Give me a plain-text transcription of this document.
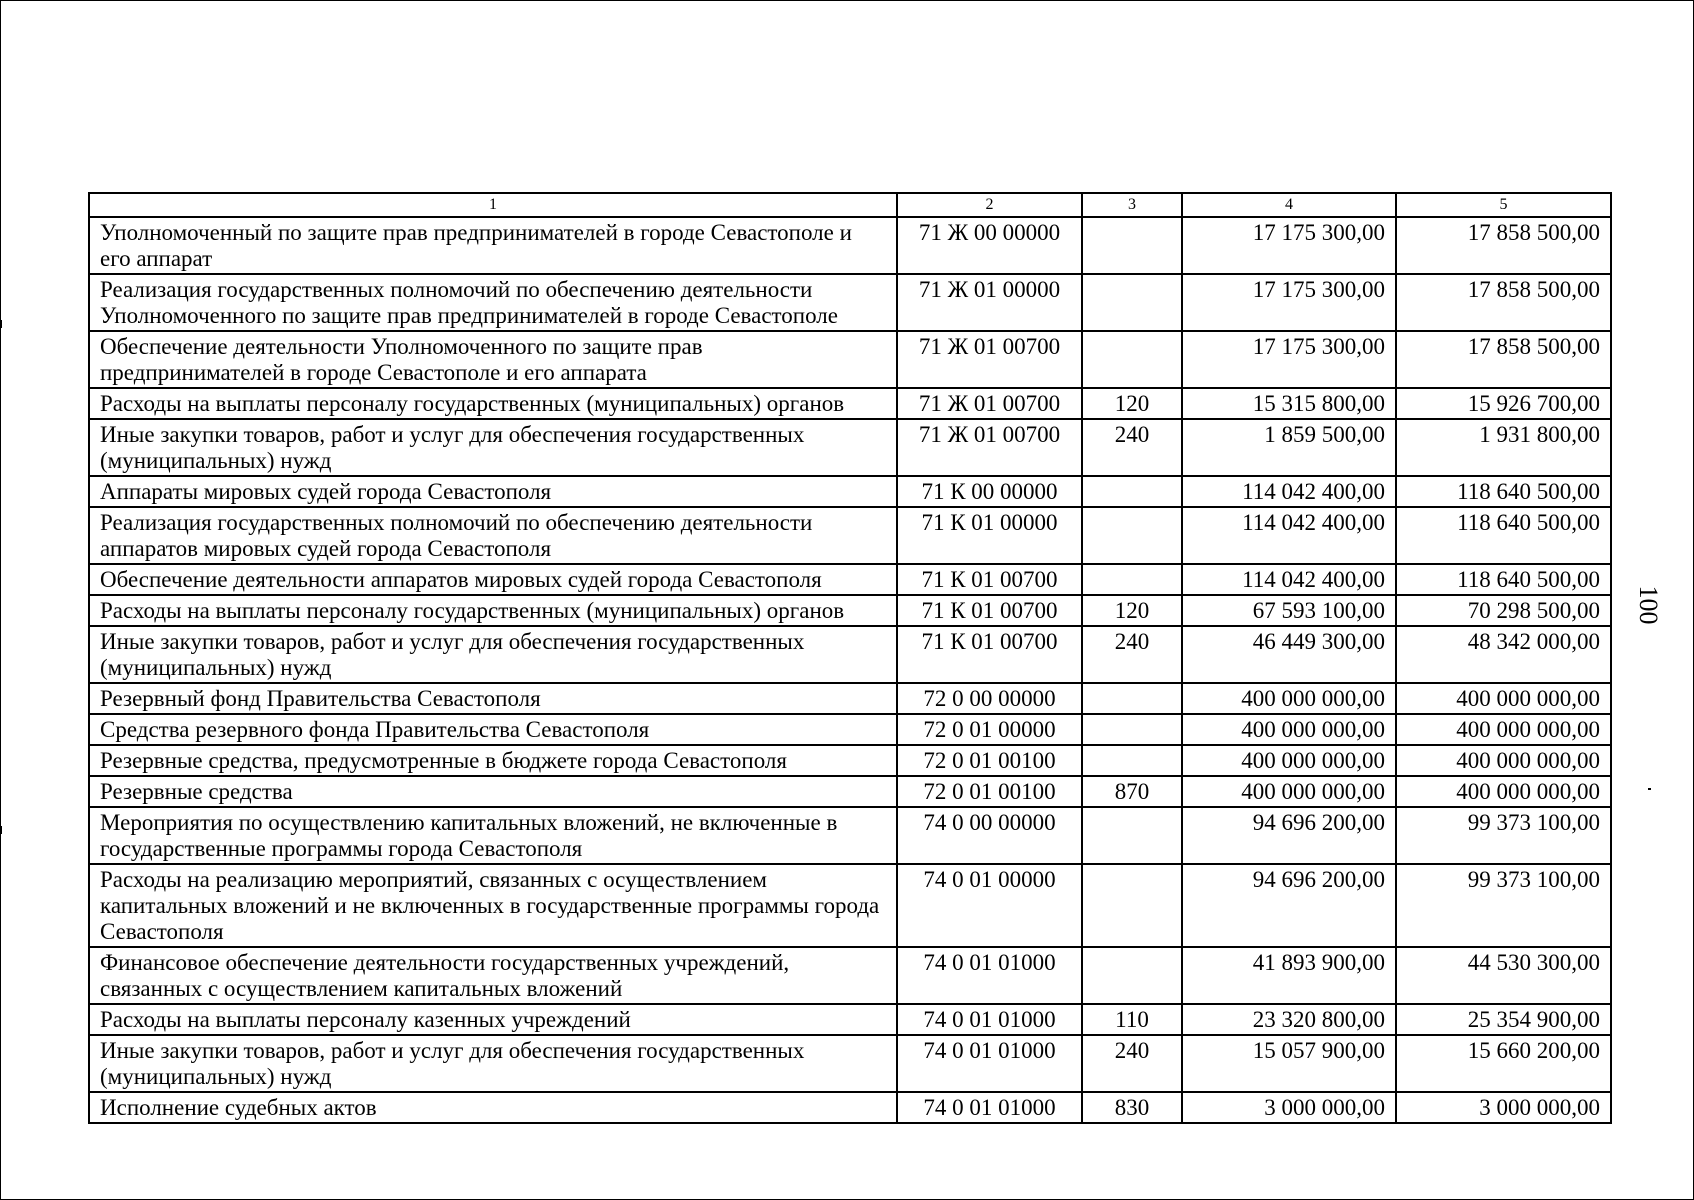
1	2	3	4	5
Уполномоченный по защите прав предпринимателей в городе Севастополе и его аппарат	71 Ж 00 00000		17 175 300,00	17 858 500,00
Реализация государственных полномочий по обеспечению деятельности Уполномоченного по защите прав предпринимателей в городе Севастополе	71 Ж 01 00000		17 175 300,00	17 858 500,00
Обеспечение деятельности Уполномоченного по защите прав предпринимателей в городе Севастополе и его аппарата	71 Ж 01 00700		17 175 300,00	17 858 500,00
Расходы на выплаты персоналу государственных (муниципальных) органов	71 Ж 01 00700	120	15 315 800,00	15 926 700,00
Иные закупки товаров, работ и услуг для обеспечения государственных (муниципальных) нужд	71 Ж 01 00700	240	1 859 500,00	1 931 800,00
Аппараты мировых судей города Севастополя	71 К 00 00000		114 042 400,00	118 640 500,00
Реализация государственных полномочий по обеспечению деятельности аппаратов мировых судей города Севастополя	71 К 01 00000		114 042 400,00	118 640 500,00
Обеспечение деятельности аппаратов мировых судей города Севастополя	71 К 01 00700		114 042 400,00	118 640 500,00
Расходы на выплаты персоналу государственных (муниципальных) органов	71 К 01 00700	120	67 593 100,00	70 298 500,00
Иные закупки товаров, работ и услуг для обеспечения государственных (муниципальных) нужд	71 К 01 00700	240	46 449 300,00	48 342 000,00
Резервный фонд Правительства Севастополя	72 0 00 00000		400 000 000,00	400 000 000,00
Средства резервного фонда Правительства Севастополя	72 0 01 00000		400 000 000,00	400 000 000,00
Резервные средства, предусмотренные в бюджете города Севастополя	72 0 01 00100		400 000 000,00	400 000 000,00
Резервные средства	72 0 01 00100	870	400 000 000,00	400 000 000,00
Мероприятия по осуществлению капитальных вложений, не включенные в государственные программы города Севастополя	74 0 00 00000		94 696 200,00	99 373 100,00
Расходы на реализацию мероприятий, связанных с осуществлением капитальных вложений и не включенных в государственные программы города Севастополя	74 0 01 00000		94 696 200,00	99 373 100,00
Финансовое обеспечение деятельности государственных учреждений, связанных с осуществлением капитальных вложений	74 0 01 01000		41 893 900,00	44 530 300,00
Расходы на выплаты персоналу казенных учреждений	74 0 01 01000	110	23 320 800,00	25 354 900,00
Иные закупки товаров, работ и услуг для обеспечения государственных (муниципальных) нужд	74 0 01 01000	240	15 057 900,00	15 660 200,00
Исполнение судебных актов	74 0 01 01000	830	3 000 000,00	3 000 000,00
100
